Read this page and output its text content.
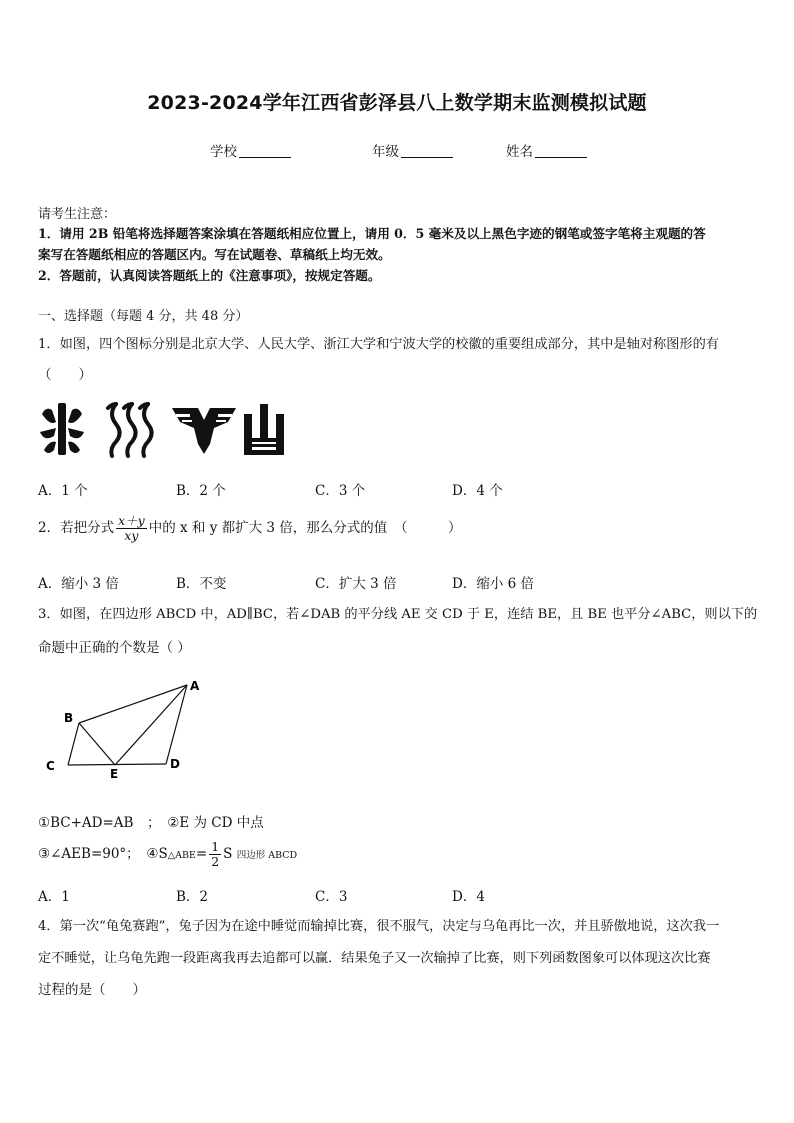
2023-2024学年江西省彭泽县八上数学期末监测模拟试题
学校	年级	姓名
请考生注意：
1．请用 2B 铅笔将选择题答案涂填在答题纸相应位置上，请用 0．5 毫米及以上黑色字迹的钢笔或签字笔将主观题的答
案写在答题纸相应的答题区内。写在试题卷、草稿纸上均无效。
2．答题前，认真阅读答题纸上的《注意事项》，按规定答题。
一、选择题（每题 4 分，共 48 分）
1．如图，四个图标分别是北京大学、人民大学、浙江大学和宁波大学的校徽的重要组成部分，其中是轴对称图形的有
（　　）
A．1 个	B．2 个	C．3 个	D．4 个
2．若把分式 $\frac{x+y}{xy}$ 中的 x 和 y 都扩大 3 倍，那么分式的值　（　　　）
A．缩小 3 倍	B．不变	C．扩大 3 倍	D．缩小 6 倍
3．如图，在四边形 ABCD 中，AD∥BC，若∠DAB 的平分线 AE 交 CD 于 E，连结 BE，且 BE 也平分∠ABC，则以下的
命题中正确的个数是（ ）
A
B
C	D
E
①BC+AD=AB　；　②E 为 CD 中点
③∠AEB=90°；　④S△ABE= $\frac{1}{2}$ S 四边形 ABCD
A．1	B．2	C．3	D．4
4．第一次“龟兔赛跑”，兔子因为在途中睡觉而输掉比赛，很不服气，决定与乌龟再比一次，并且骄傲地说，这次我一
定不睡觉，让乌龟先跑一段距离我再去追都可以赢．结果兔子又一次输掉了比赛，则下列函数图象可以体现这次比赛
过程的是（　　）
